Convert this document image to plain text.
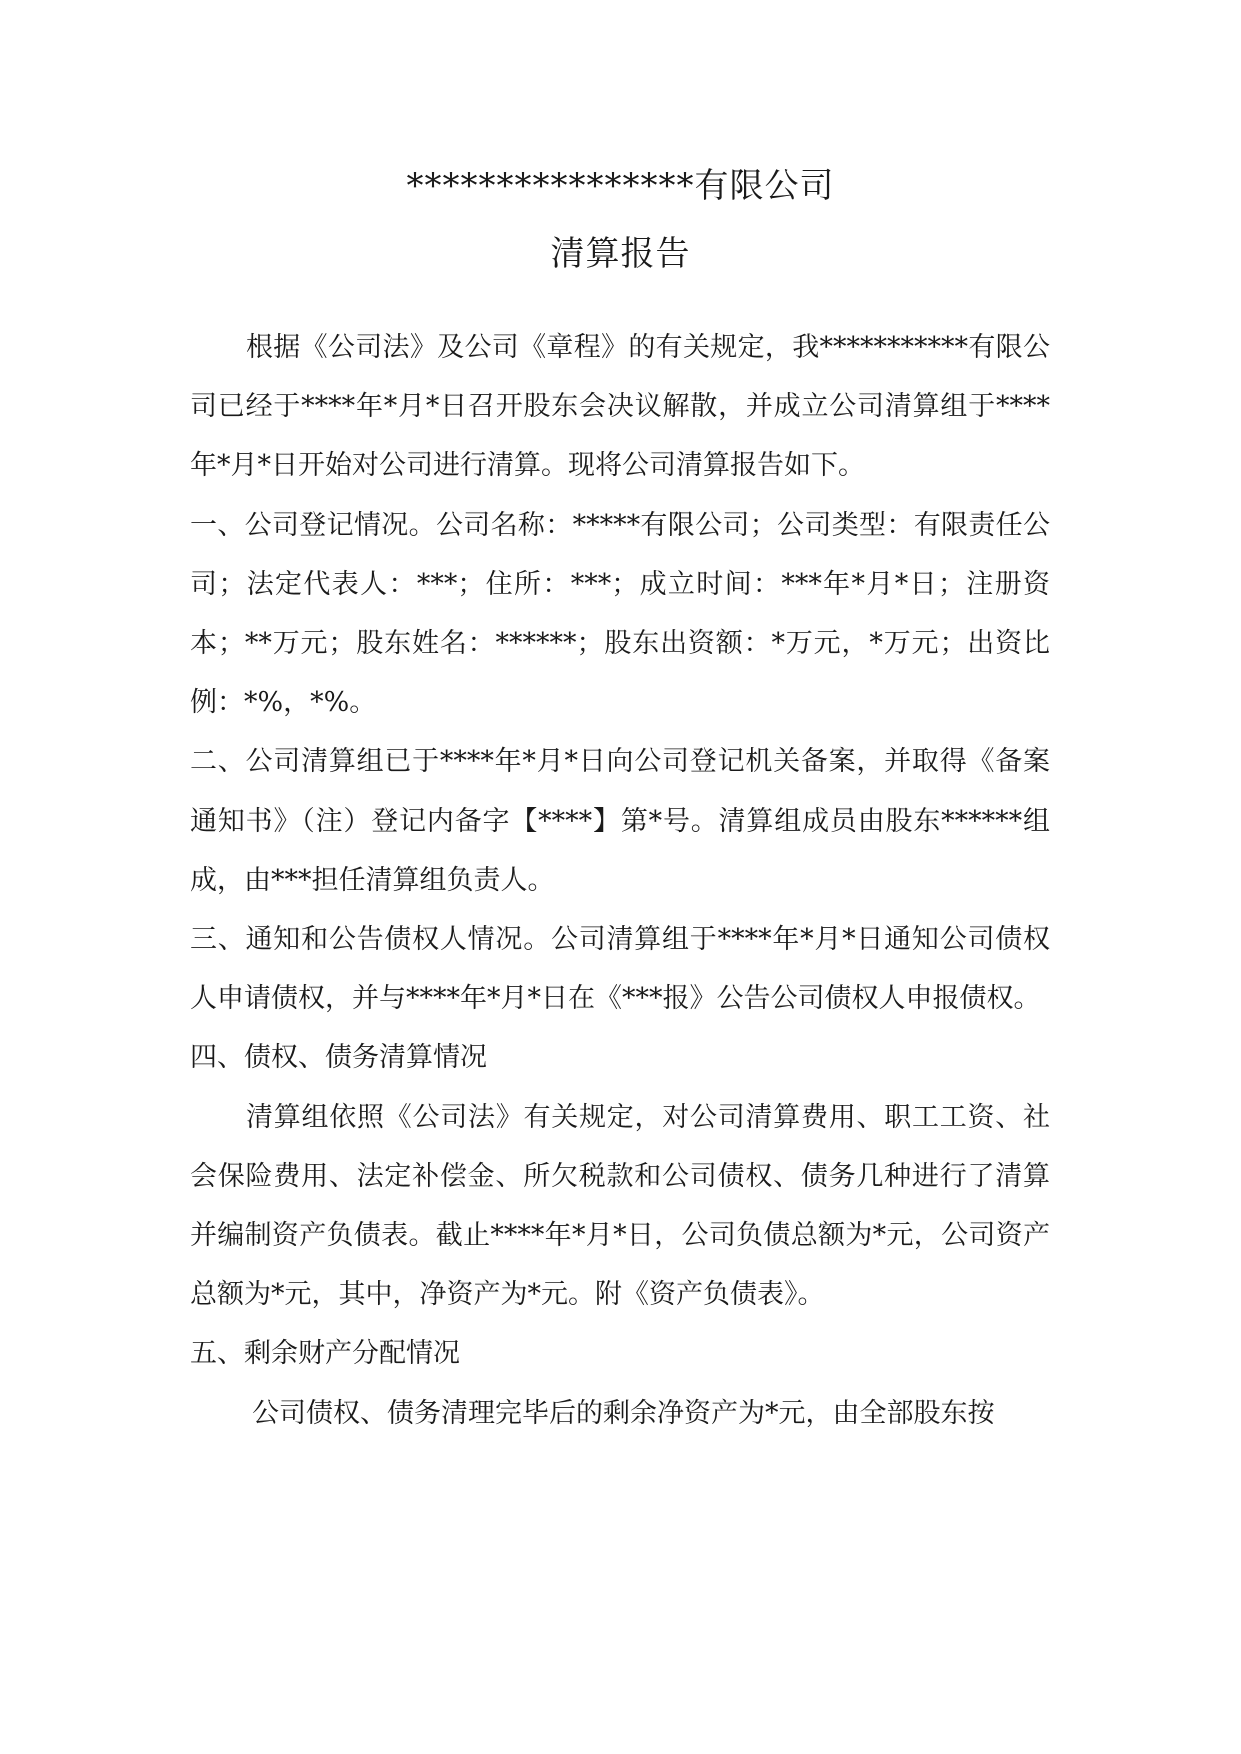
****************有限公司
清算报告

根据《公司法》及公司《章程》的有关规定，我***********有限公司已经于****年*月*日召开股东会决议解散，并成立公司清算组于****年*月*日开始对公司进行清算。现将公司清算报告如下。

一、公司登记情况。公司名称：*****有限公司；公司类型：有限责任公司；法定代表人：***；住所：***；成立时间：***年*月*日；注册资本；**万元；股东姓名：******；股东出资额：*万元，*万元；出资比例：*%，*%。

二、公司清算组已于****年*月*日向公司登记机关备案，并取得《备案通知书》（注）登记内备字【****】第*号。清算组成员由股东******组成，由***担任清算组负责人。

三、通知和公告债权人情况。公司清算组于****年*月*日通知公司债权人申请债权，并与****年*月*日在《***报》公告公司债权人申报债权。

四、债权、债务清算情况

清算组依照《公司法》有关规定，对公司清算费用、职工工资、社会保险费用、法定补偿金、所欠税款和公司债权、债务几种进行了清算并编制资产负债表。截止****年*月*日，公司负债总额为*元，公司资产总额为*元，其中，净资产为*元。附《资产负债表》。

五、剩余财产分配情况

公司债权、债务清理完毕后的剩余净资产为*元，由全部股东按
